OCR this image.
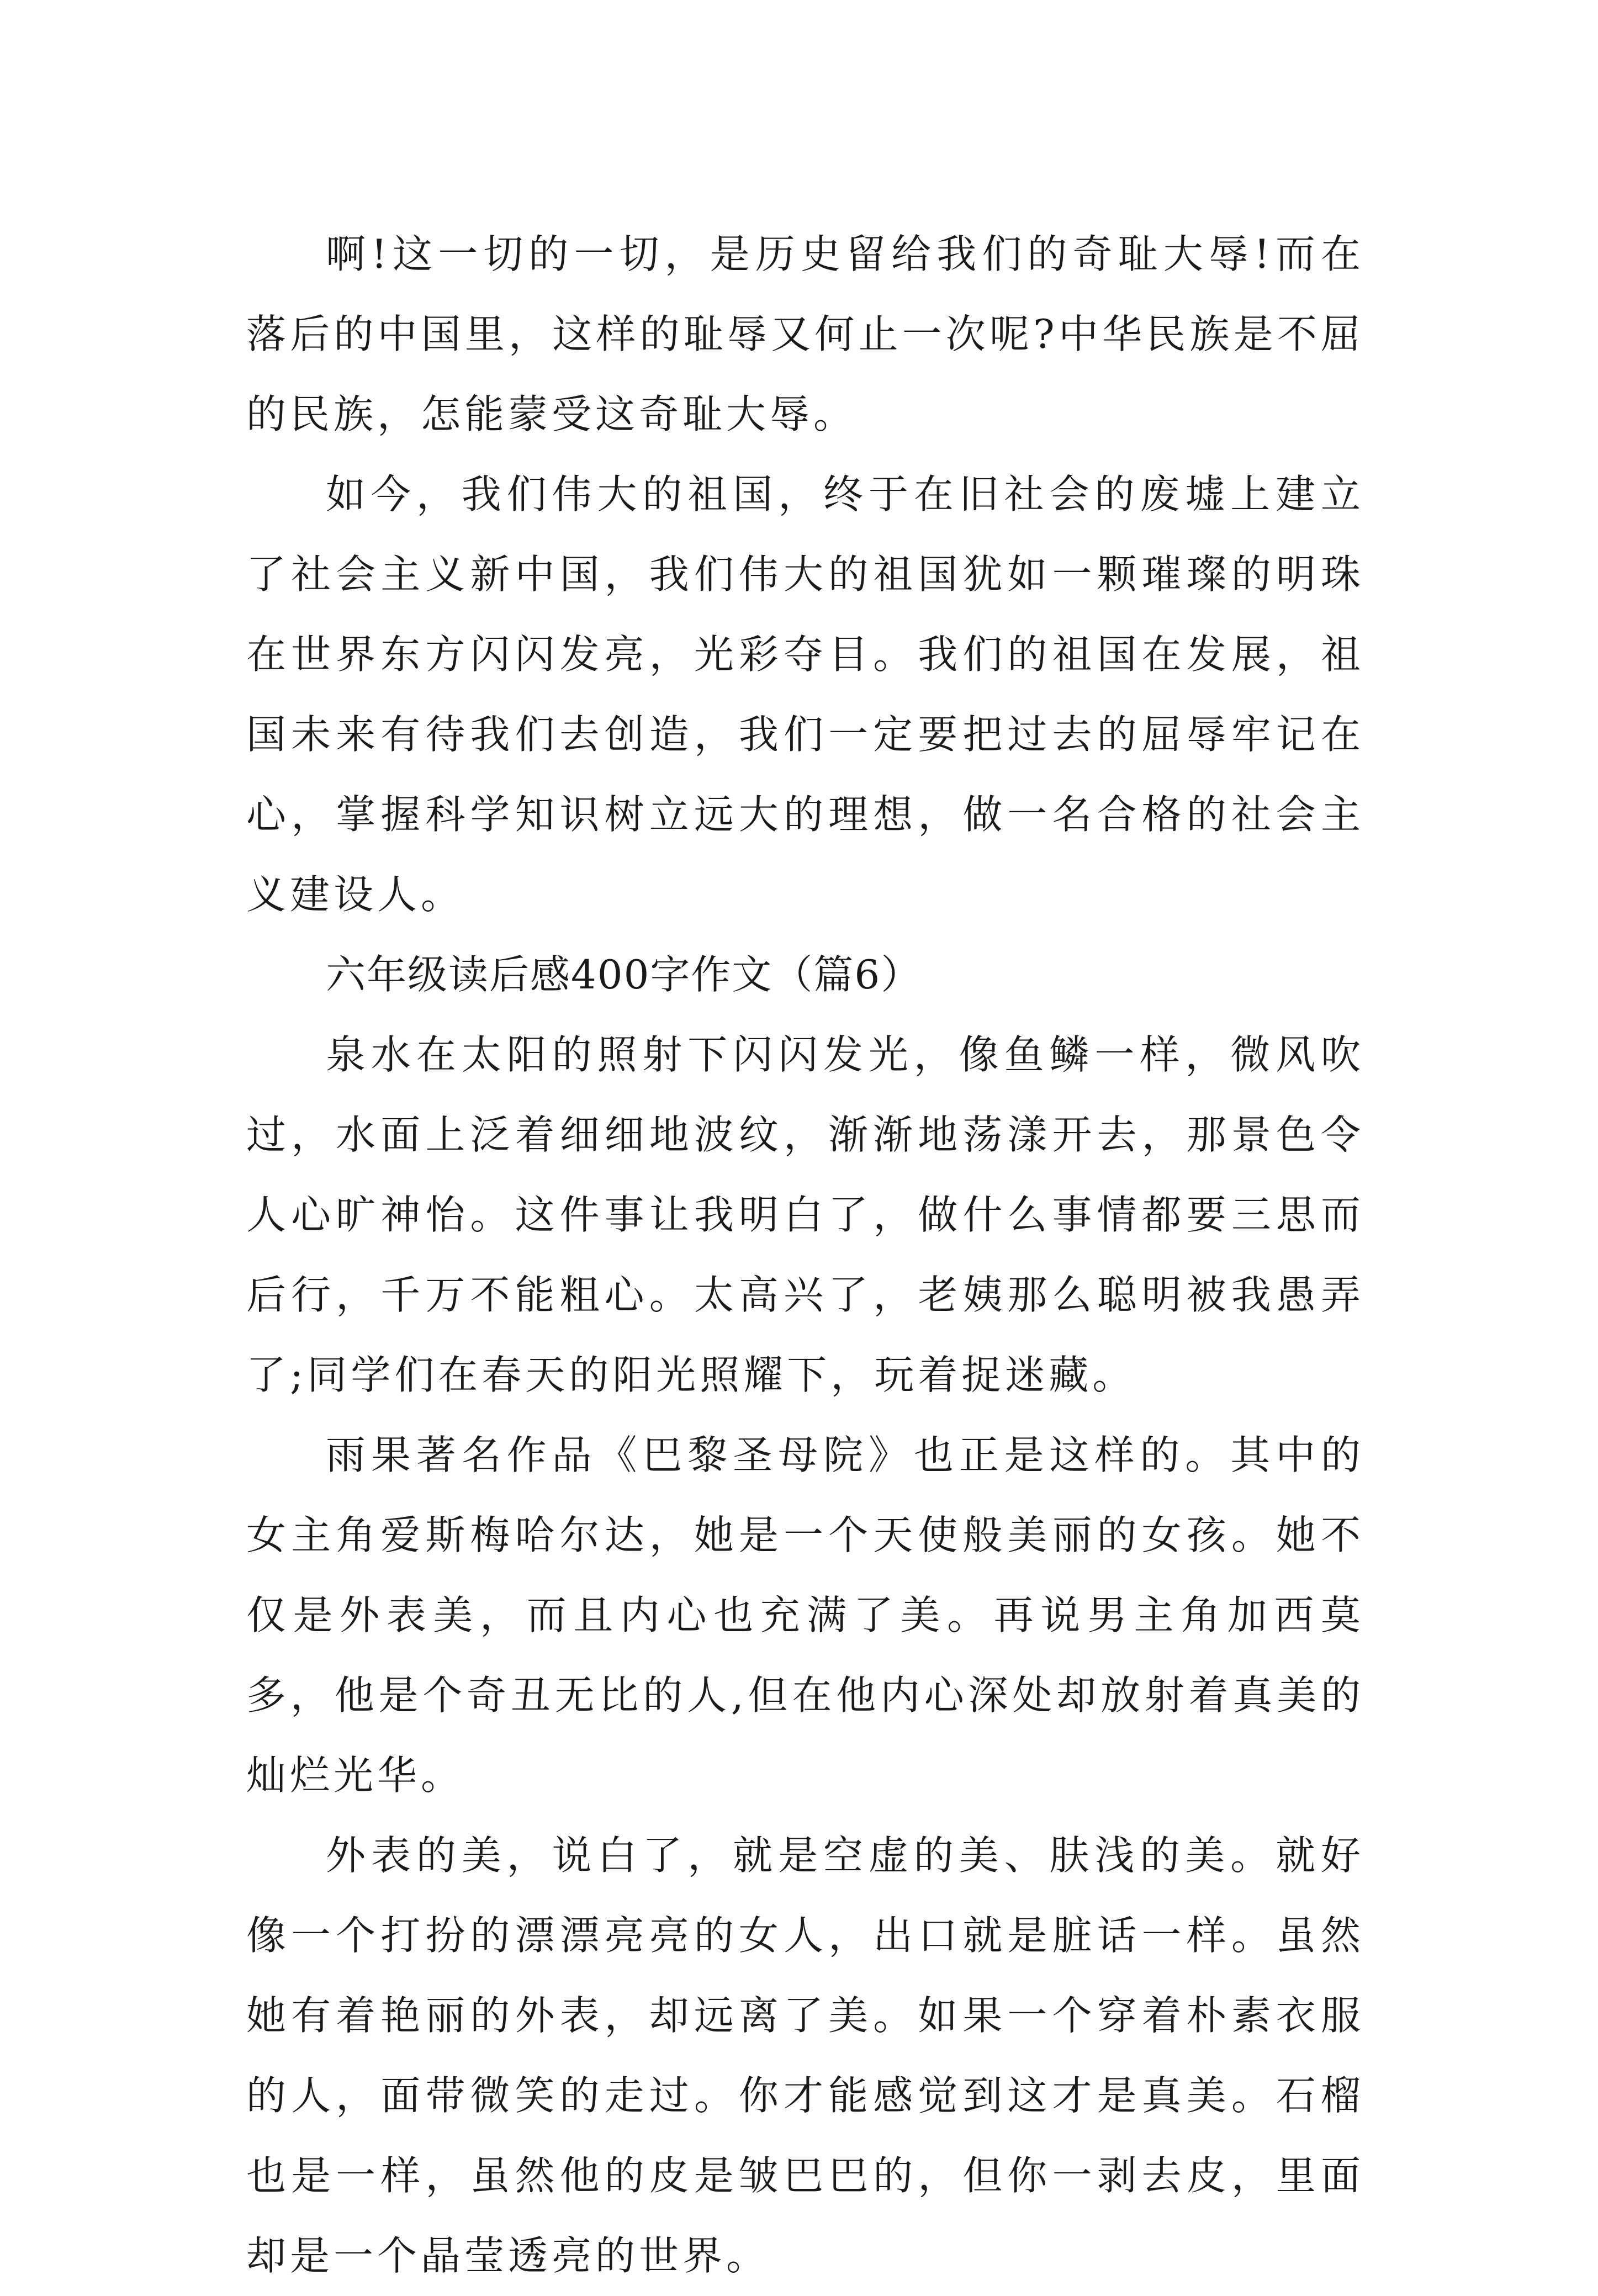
啊!这一切的一切，是历史留给我们的奇耻大辱!而在落后的中国里，这样的耻辱又何止一次呢?中华民族是不屈的民族，怎能蒙受这奇耻大辱。

如今，我们伟大的祖国，终于在旧社会的废墟上建立了社会主义新中国，我们伟大的祖国犹如一颗璀璨的明珠在世界东方闪闪发亮，光彩夺目。我们的祖国在发展，祖国未来有待我们去创造，我们一定要把过去的屈辱牢记在心，掌握科学知识树立远大的理想，做一名合格的社会主义建设人。

六年级读后感400字作文（篇6）

泉水在太阳的照射下闪闪发光，像鱼鳞一样，微风吹过，水面上泛着细细地波纹，渐渐地荡漾开去，那景色令人心旷神怡。这件事让我明白了，做什么事情都要三思而后行，千万不能粗心。太高兴了，老姨那么聪明被我愚弄了;同学们在春天的阳光照耀下，玩着捉迷藏。

雨果著名作品《巴黎圣母院》也正是这样的。其中的女主角爱斯梅哈尔达，她是一个天使般美丽的女孩。她不仅是外表美，而且内心也充满了美。再说男主角加西莫多，他是个奇丑无比的人,但在他内心深处却放射着真美的灿烂光华。

外表的美，说白了，就是空虚的美、肤浅的美。就好像一个打扮的漂漂亮亮的女人，出口就是脏话一样。虽然她有着艳丽的外表，却远离了美。如果一个穿着朴素衣服的人，面带微笑的走过。你才能感觉到这才是真美。石榴也是一样，虽然他的皮是皱巴巴的，但你一剥去皮，里面却是一个晶莹透亮的世界。
